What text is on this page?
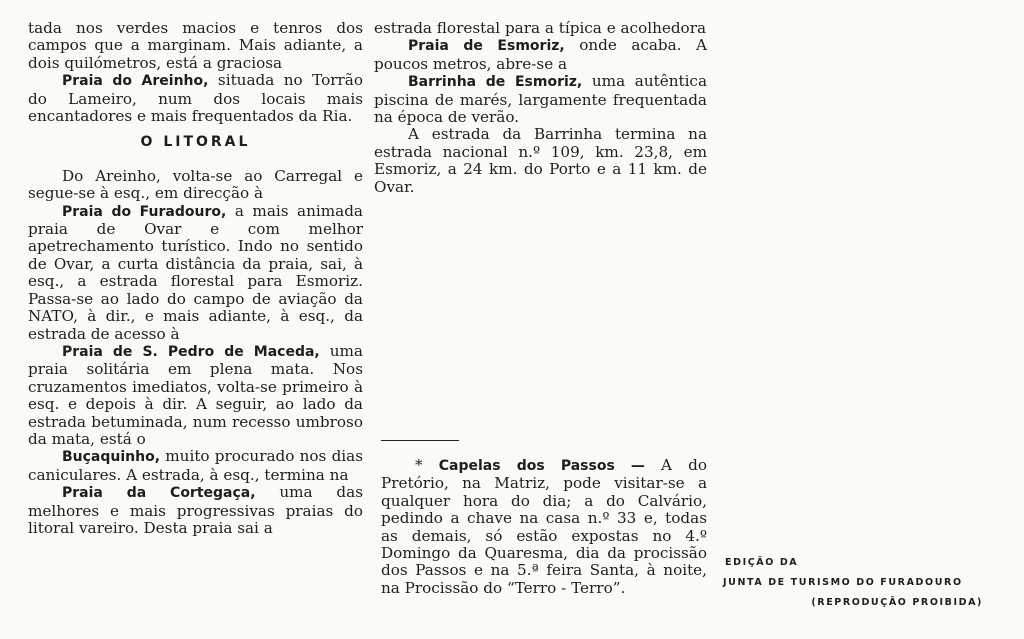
tada nos verdes macios e tenros dos campos que a marginam. Mais adiante, a dois quilómetros, está a graciosa

Praia do Areinho, situada no Torrão do Lameiro, num dos locais mais encantadores e mais frequentados da Ria.

O LITORAL

Do Areinho, volta-se ao Carregal e segue-se à esq., em direcção à

Praia do Furadouro, a mais animada praia de Ovar e com melhor apetrechamento turístico. Indo no sentido de Ovar, a curta distância da praia, sai, à esq., a estrada florestal para Esmoriz. Passa-se ao lado do campo de aviação da NATO, à dir., e mais adiante, à esq., da estrada de acesso à

Praia de S. Pedro de Maceda, uma praia solitária em plena mata. Nos cruzamentos imediatos, volta-se primeiro à esq. e depois à dir. A seguir, ao lado da estrada betuminada, num recesso umbroso da mata, está o

Buçaquinho, muito procurado nos dias caniculares. A estrada, à esq., termina na

Praia da Cortegaça, uma das melhores e mais progressivas praias do litoral vareiro. Desta praia sai a

estrada florestal para a típica e acolhedora

Praia de Esmoriz, onde acaba. A poucos metros, abre-se a

Barrinha de Esmoriz, uma autêntica piscina de marés, largamente frequentada na época de verão.

A estrada da Barrinha termina na estrada nacional n.º 109, km. 23,8, em Esmoriz, a 24 km. do Porto e a 11 km. de Ovar.

* Capelas dos Passos — A do Pretório, na Matriz, pode visitar-se a qualquer hora do dia; a do Calvário, pedindo a chave na casa n.º 33 e, todas as demais, só estão expostas no 4.º Domingo da Quaresma, dia da procissão dos Passos e na 5.ª feira Santa, à noite, na Procissão do “Terro - Terro”.

EDIÇÃO DA
JUNTA DE TURISMO DO FURADOURO
(REPRODUÇÃO PROIBIDA)
